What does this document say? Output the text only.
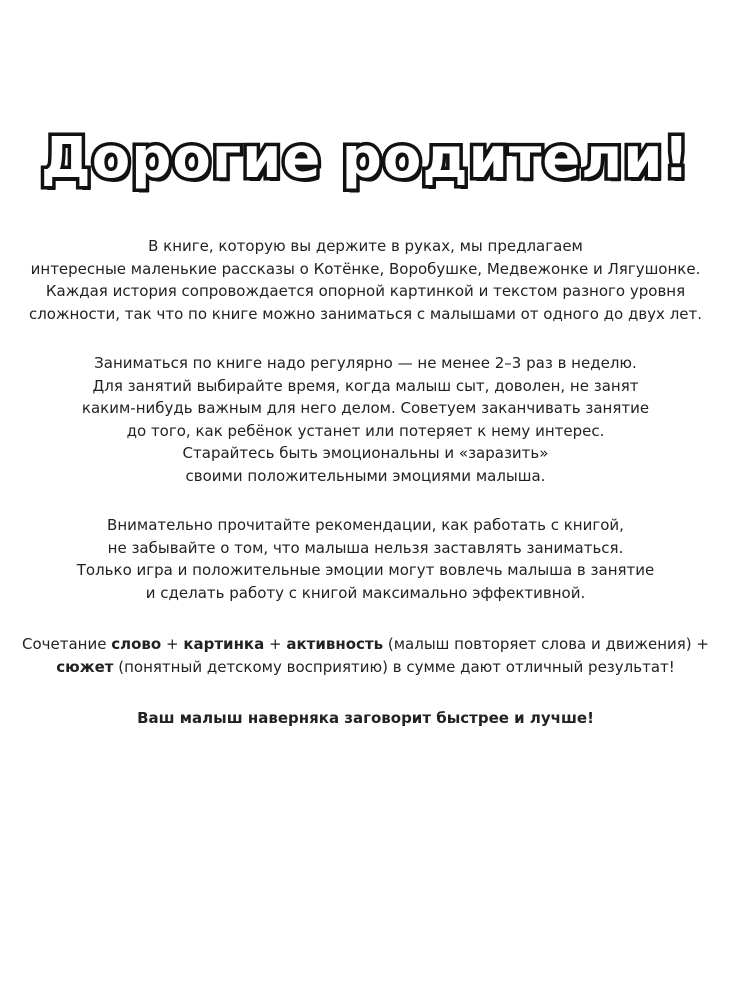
Дорогие родители!

В книге, которую вы держите в руках, мы предлагаем
интересные маленькие рассказы о Котёнке, Воробушке, Медвежонке и Лягушонке.
Каждая история сопровождается опорной картинкой и текстом разного уровня
сложности, так что по книге можно заниматься с малышами от одного до двух лет.

Заниматься по книге надо регулярно — не менее 2–3 раз в неделю.
Для занятий выбирайте время, когда малыш сыт, доволен, не занят
каким-нибудь важным для него делом. Советуем заканчивать занятие
до того, как ребёнок устанет или потеряет к нему интерес.
Старайтесь быть эмоциональны и «заразить»
своими положительными эмоциями малыша.

Внимательно прочитайте рекомендации, как работать с книгой,
не забывайте о том, что малыша нельзя заставлять заниматься.
Только игра и положительные эмоции могут вовлечь малыша в занятие
и сделать работу с книгой максимально эффективной.

Сочетание слово + картинка + активность (малыш повторяет слова и движения) +
сюжет (понятный детскому восприятию) в сумме дают отличный результат!

Ваш малыш наверняка заговорит быстрее и лучше!
